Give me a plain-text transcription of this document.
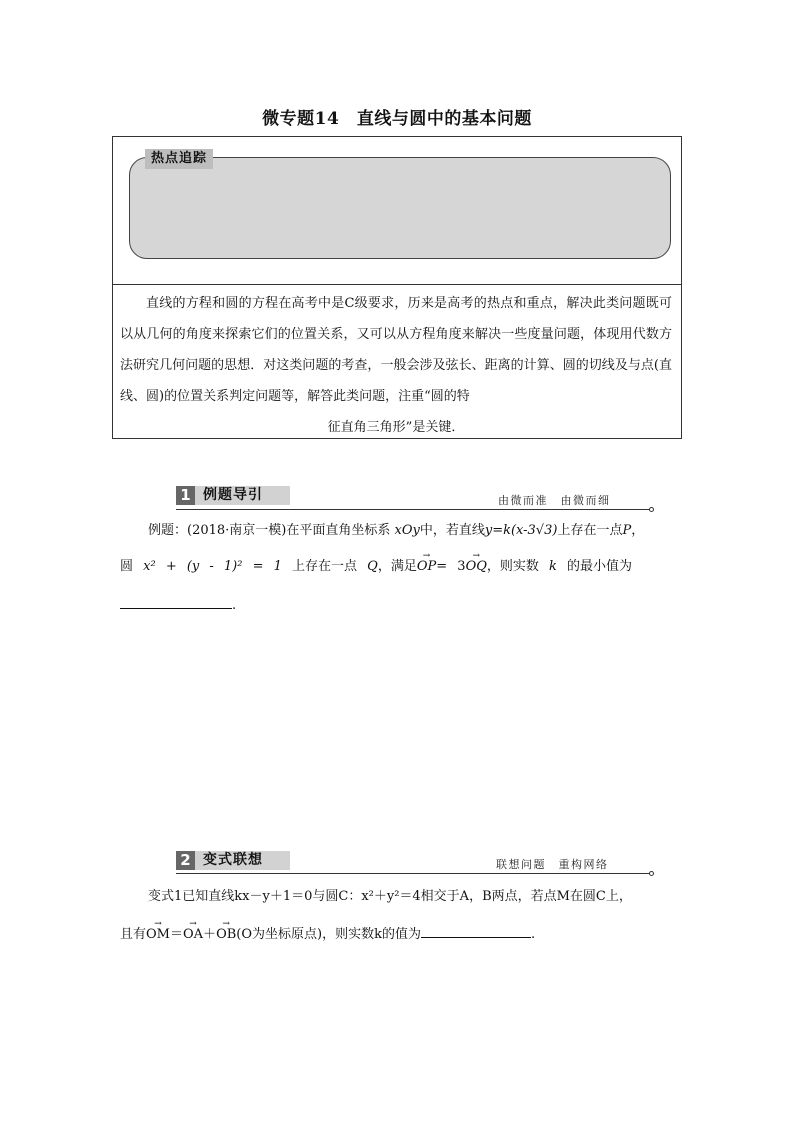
微专题14　直线与圆中的基本问题
热点追踪
直线的方程和圆的方程在高考中是C级要求，历来是高考的热点和重点，解决此类问题既可以从几何的角度来探索它们的位置关系，又可以从方程角度来解决一些度量问题，体现用代数方法研究几何问题的思想．对这类问题的考查，一般会涉及弦长、距离的计算、圆的切线及与点(直线、圆)的位置关系判定问题等，解答此类问题，注重“圆的特
征直角三角形”是关键．
1 例题导引	由微而准　由微而细
例题：(2018·南京一模)在平面直角坐标系 xOy中，若直线y=k(x-3√3)上存在一点P，
圆 x² + (y - 1)² = 1 上存在一点 Q，满足→ OP= 3→ OQ，则实数 k 的最小值为
.
2 变式联想	联想问题　重构网络
变式1已知直线kx－y＋1＝0与圆C：x²＋y²＝4相交于A，B两点，若点M在圆C上，
且有→ OM＝→ OA＋→ OB(O为坐标原点)，则实数k的值为	.
